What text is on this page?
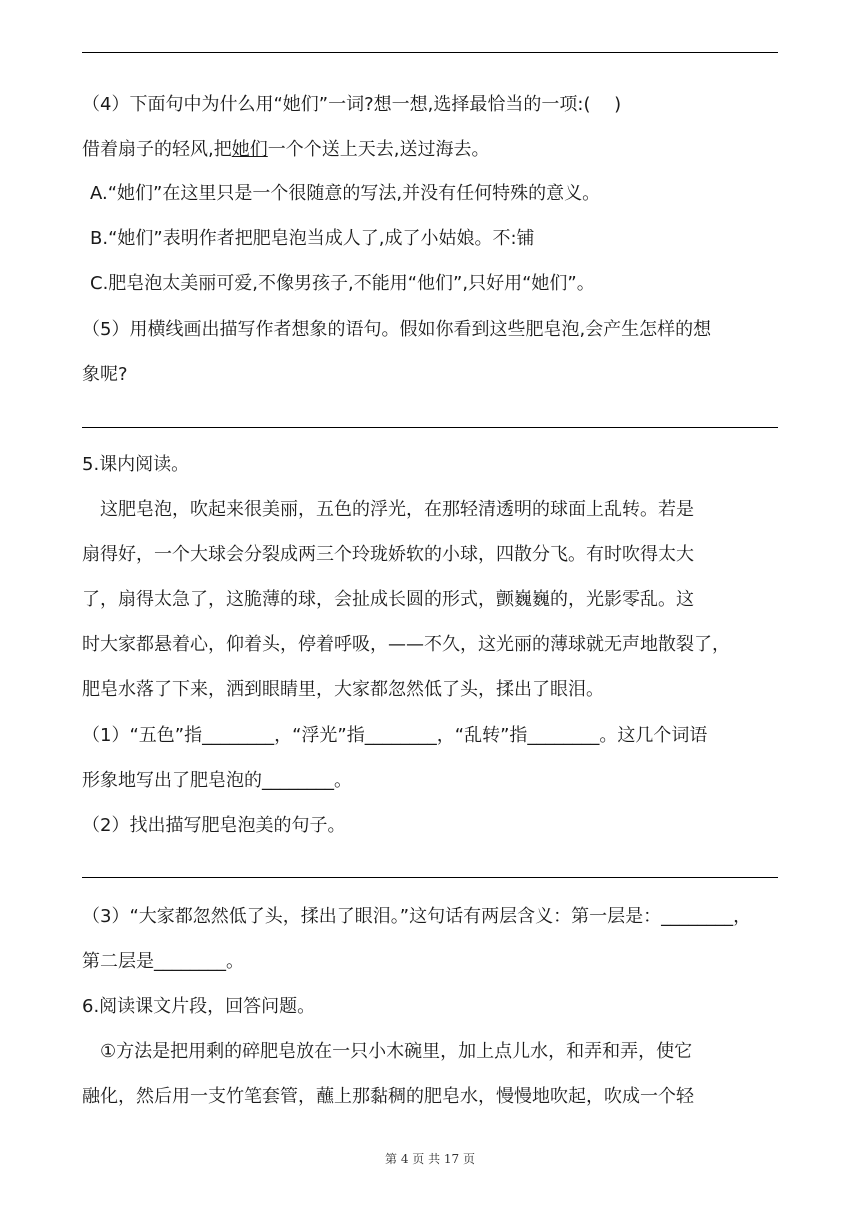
（4）下面句中为什么用“她们”一词?想一想,选择最恰当的一项:(　 )
借着扇子的轻风,把她们一个个送上天去,送过海去。
A.“她们”在这里只是一个很随意的写法,并没有任何特殊的意义。
B.“她们”表明作者把肥皂泡当成人了,成了小姑娘。不:铺
C.肥皂泡太美丽可爱,不像男孩子,不能用“他们”,只好用“她们”。
（5）用横线画出描写作者想象的语句。假如你看到这些肥皂泡,会产生怎样的想
象呢?
5.课内阅读。
　这肥皂泡，吹起来很美丽，五色的浮光，在那轻清透明的球面上乱转。若是
扇得好，一个大球会分裂成两三个玲珑娇软的小球，四散分飞。有时吹得太大
了，扇得太急了，这脆薄的球，会扯成长圆的形式，颤巍巍的，光影零乱。这
时大家都悬着心，仰着头，停着呼吸，——不久，这光丽的薄球就无声地散裂了，
肥皂水落了下来，洒到眼睛里，大家都忽然低了头，揉出了眼泪。
（1）“五色”指________，“浮光”指________，“乱转”指________。这几个词语
形象地写出了肥皂泡的________。
（2）找出描写肥皂泡美的句子。
（3）“大家都忽然低了头，揉出了眼泪。”这句话有两层含义：第一层是：________，
第二层是________。
6.阅读课文片段，回答问题。
　①方法是把用剩的碎肥皂放在一只小木碗里，加上点儿水，和弄和弄，使它
融化，然后用一支竹笔套管，蘸上那黏稠的肥皂水，慢慢地吹起，吹成一个轻
第 4 页 共 17 页
